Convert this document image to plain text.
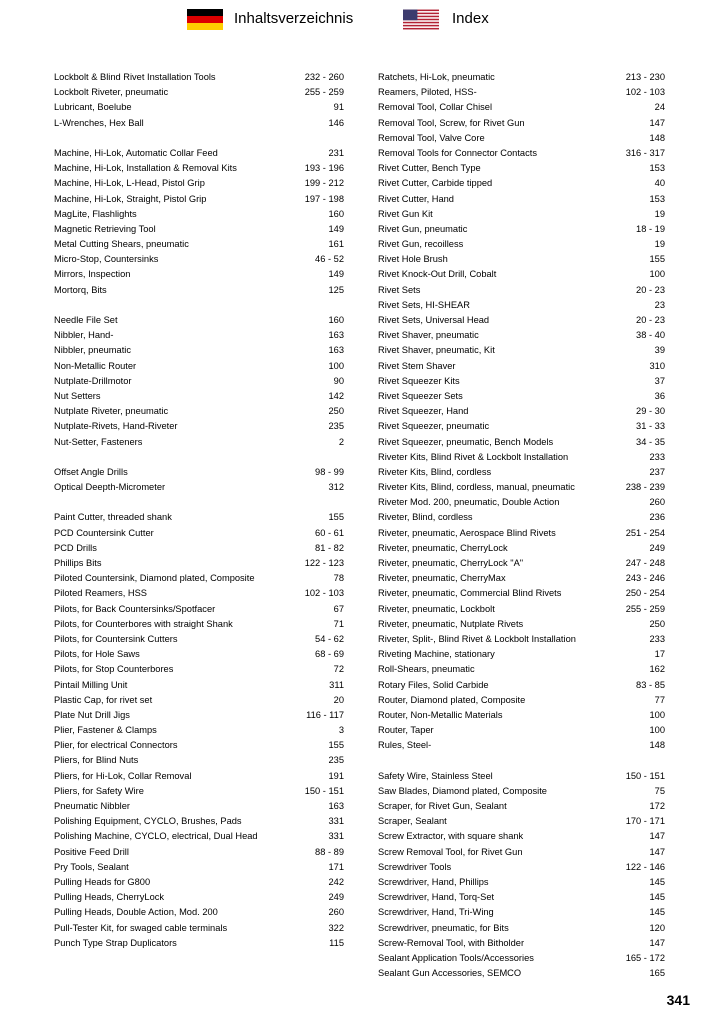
Inhaltsverzeichnis	Index
Lockbolt & Blind Rivet Installation Tools	232 - 260
Lockbolt Riveter, pneumatic	255 - 259
Lubricant, Boelube	91
L-Wrenches, Hex Ball	146
Machine, Hi-Lok, Automatic Collar Feed	231
Machine, Hi-Lok, Installation & Removal Kits	193 - 196
Machine, Hi-Lok, L-Head, Pistol Grip	199 - 212
Machine, Hi-Lok, Straight, Pistol Grip	197 - 198
MagLite, Flashlights	160
Magnetic Retrieving Tool	149
Metal Cutting Shears, pneumatic	161
Micro-Stop, Countersinks	46 - 52
Mirrors, Inspection	149
Mortorq, Bits	125
Needle File Set	160
Nibbler, Hand-	163
Nibbler, pneumatic	163
Non-Metallic Router	100
Nutplate-Drillmotor	90
Nut Setters	142
Nutplate Riveter, pneumatic	250
Nutplate-Rivets, Hand-Riveter	235
Nut-Setter, Fasteners	2
Offset Angle Drills	98 - 99
Optical Deepth-Micrometer	312
Paint Cutter, threaded shank	155
PCD Countersink Cutter	60 - 61
PCD Drills	81 - 82
Phillips Bits	122 - 123
Piloted Countersink, Diamond plated, Composite	78
Piloted Reamers, HSS	102 - 103
Pilots, for Back Countersinks/Spotfacer	67
Pilots, for Counterbores with straight Shank	71
Pilots, for Countersink Cutters	54 - 62
Pilots, for Hole Saws	68 - 69
Pilots, for Stop Counterbores	72
Pintail Milling Unit	311
Plastic Cap, for rivet set	20
Plate Nut Drill Jigs	116 - 117
Plier, Fastener & Clamps	3
Plier, for electrical Connectors	155
Pliers, for Blind Nuts	235
Pliers, for Hi-Lok, Collar Removal	191
Pliers, for Safety Wire	150 - 151
Pneumatic Nibbler	163
Polishing Equipment, CYCLO, Brushes, Pads	331
Polishing Machine, CYCLO, electrical, Dual Head	331
Positive Feed Drill	88 - 89
Pry Tools, Sealant	171
Pulling Heads for G800	242
Pulling Heads, CherryLock	249
Pulling Heads, Double Action, Mod. 200	260
Pull-Tester Kit, for swaged cable terminals	322
Punch Type Strap Duplicators	115
Ratchets, Hi-Lok, pneumatic	213 - 230
Reamers, Piloted, HSS-	102 - 103
Removal Tool, Collar Chisel	24
Removal Tool, Screw, for Rivet Gun	147
Removal Tool, Valve Core	148
Removal Tools for Connector Contacts	316 - 317
Rivet Cutter, Bench Type	153
Rivet Cutter, Carbide tipped	40
Rivet Cutter, Hand	153
Rivet Gun Kit	19
Rivet Gun, pneumatic	18 - 19
Rivet Gun, recoilless	19
Rivet Hole Brush	155
Rivet Knock-Out Drill, Cobalt	100
Rivet Sets	20 - 23
Rivet Sets, HI-SHEAR	23
Rivet Sets, Universal Head	20 - 23
Rivet Shaver, pneumatic	38 - 40
Rivet Shaver, pneumatic, Kit	39
Rivet Stem Shaver	310
Rivet Squeezer Kits	37
Rivet Squeezer Sets	36
Rivet Squeezer, Hand	29 - 30
Rivet Squeezer, pneumatic	31 - 33
Rivet Squeezer, pneumatic, Bench Models	34 - 35
Riveter Kits, Blind Rivet & Lockbolt Installation	233
Riveter Kits, Blind, cordless	237
Riveter Kits, Blind, cordless, manual, pneumatic	238 - 239
Riveter Mod. 200, pneumatic, Double Action	260
Riveter, Blind, cordless	236
Riveter, pneumatic, Aerospace Blind Rivets	251 - 254
Riveter, pneumatic, CherryLock	249
Riveter, pneumatic, CherryLock "A"	247 - 248
Riveter, pneumatic, CherryMax	243 - 246
Riveter, pneumatic, Commercial Blind Rivets	250 - 254
Riveter, pneumatic, Lockbolt	255 - 259
Riveter, pneumatic, Nutplate Rivets	250
Riveter, Split-, Blind Rivet & Lockbolt Installation	233
Riveting Machine, stationary	17
Roll-Shears, pneumatic	162
Rotary Files, Solid Carbide	83 - 85
Router, Diamond plated, Composite	77
Router, Non-Metallic Materials	100
Router, Taper	100
Rules, Steel-	148
Safety Wire, Stainless Steel	150 - 151
Saw Blades, Diamond plated, Composite	75
Scraper, for Rivet Gun, Sealant	172
Scraper, Sealant	170 - 171
Screw Extractor, with square shank	147
Screw Removal Tool, for Rivet Gun	147
Screwdriver Tools	122 - 146
Screwdriver, Hand, Phillips	145
Screwdriver, Hand, Torq-Set	145
Screwdriver, Hand, Tri-Wing	145
Screwdriver, pneumatic, for Bits	120
Screw-Removal Tool, with Bitholder	147
Sealant Application Tools/Accessories	165 - 172
Sealant Gun Accessories, SEMCO	165
341
